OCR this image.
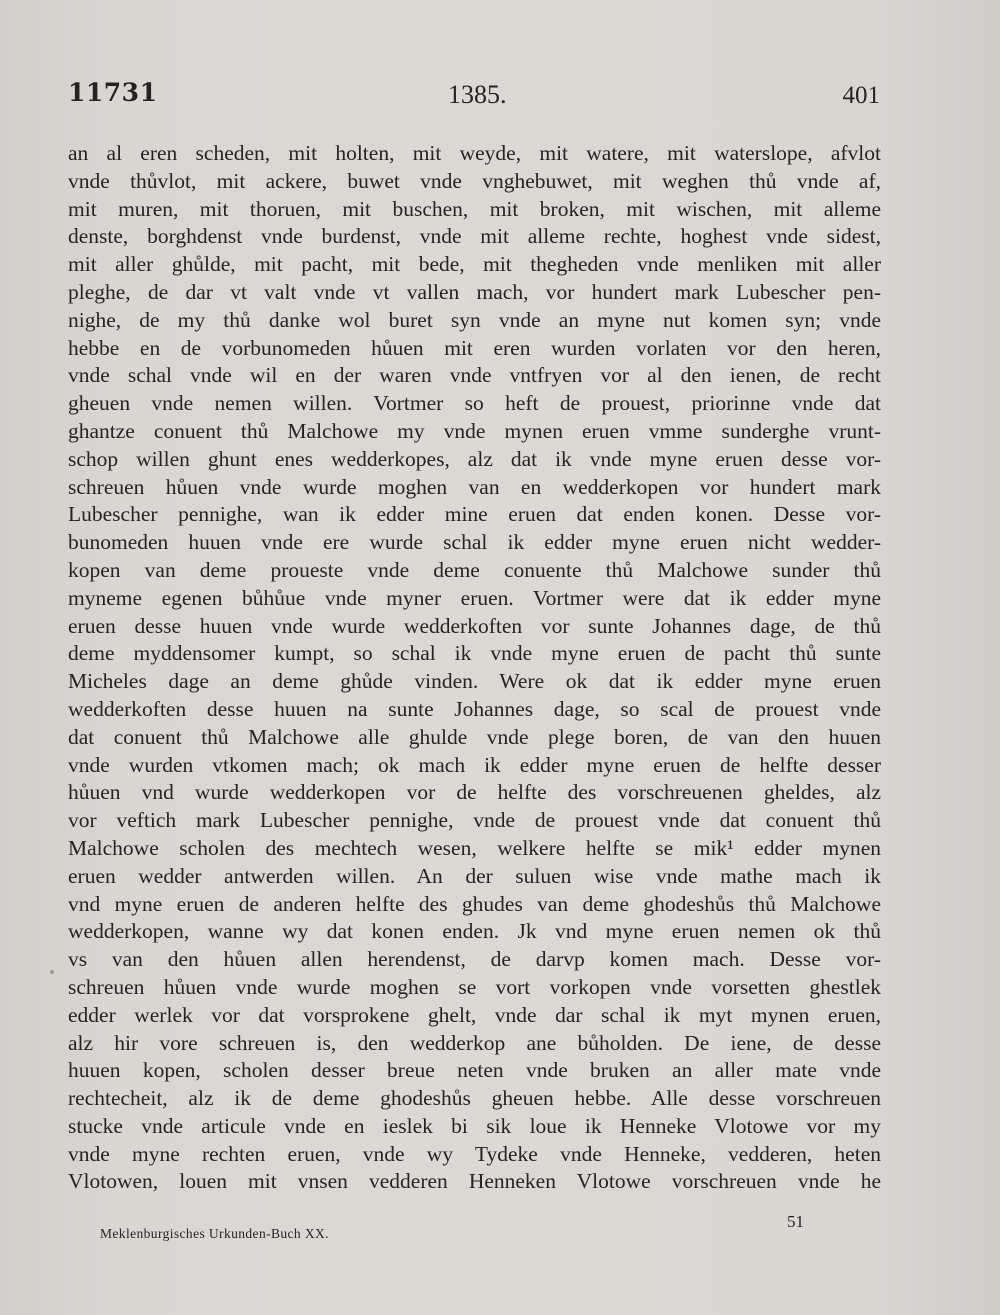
11731	1385.	401
an al eren scheden, mit holten, mit weyde, mit watere, mit waterslope, afvlot
vnde thůvlot, mit ackere, buwet vnde vnghebuwet, mit weghen thů vnde af,
mit muren, mit thoruen, mit buschen, mit broken, mit wischen, mit alleme
denste, borghdenst vnde burdenst, vnde mit alleme rechte, hoghest vnde sidest,
mit aller ghůlde, mit pacht, mit bede, mit thegheden vnde menliken mit aller
pleghe, de dar vt valt vnde vt vallen mach, vor hundert mark Lubescher pen-
nighe, de my thů danke wol buret syn vnde an myne nut komen syn; vnde
hebbe en de vorbunomeden hůuen mit eren wurden vorlaten vor den heren,
vnde schal vnde wil en der waren vnde vntfryen vor al den ienen, de recht
gheuen vnde nemen willen. Vortmer so heft de prouest, priorinne vnde dat
ghantze conuent thů Malchowe my vnde mynen eruen vmme sunderghe vrunt-
schop willen ghunt enes wedderkopes, alz dat ik vnde myne eruen desse vor-
schreuen hůuen vnde wurde moghen van en wedderkopen vor hundert mark
Lubescher pennighe, wan ik edder mine eruen dat enden konen. Desse vor-
bunomeden huuen vnde ere wurde schal ik edder myne eruen nicht wedder-
kopen van deme proueste vnde deme conuente thů Malchowe sunder thů
myneme egenen bůhůue vnde myner eruen. Vortmer were dat ik edder myne
eruen desse huuen vnde wurde wedderkoften vor sunte Johannes dage, de thů
deme myddensomer kumpt, so schal ik vnde myne eruen de pacht thů sunte
Micheles dage an deme ghůde vinden. Were ok dat ik edder myne eruen
wedderkoften desse huuen na sunte Johannes dage, so scal de prouest vnde
dat conuent thů Malchowe alle ghulde vnde plege boren, de van den huuen
vnde wurden vtkomen mach; ok mach ik edder myne eruen de helfte desser
hůuen vnd wurde wedderkopen vor de helfte des vorschreuenen gheldes, alz
vor veftich mark Lubescher pennighe, vnde de prouest vnde dat conuent thů
Malchowe scholen des mechtech wesen, welkere helfte se mik¹ edder mynen
eruen wedder antwerden willen. An der suluen wise vnde mathe mach ik
vnd myne eruen de anderen helfte des ghudes van deme ghodeshůs thů Malchowe
wedderkopen, wanne wy dat konen enden. Jk vnd myne eruen nemen ok thů
vs van den hůuen allen herendenst, de darvp komen mach. Desse vor-
schreuen hůuen vnde wurde moghen se vort vorkopen vnde vorsetten ghestlek
edder werlek vor dat vorsprokene ghelt, vnde dar schal ik myt mynen eruen,
alz hir vore schreuen is, den wedderkop ane bůholden. De iene, de desse
huuen kopen, scholen desser breue neten vnde bruken an aller mate vnde
rechtecheit, alz ik de deme ghodeshůs gheuen hebbe. Alle desse vorschreuen
stucke vnde articule vnde en ieslek bi sik loue ik Henneke Vlotowe vor my
vnde myne rechten eruen, vnde wy Tydeke vnde Henneke, vedderen, heten
Vlotowen, louen mit vnsen vedderen Henneken Vlotowe vorschreuen vnde he
Meklenburgisches Urkunden-Buch XX.
51
